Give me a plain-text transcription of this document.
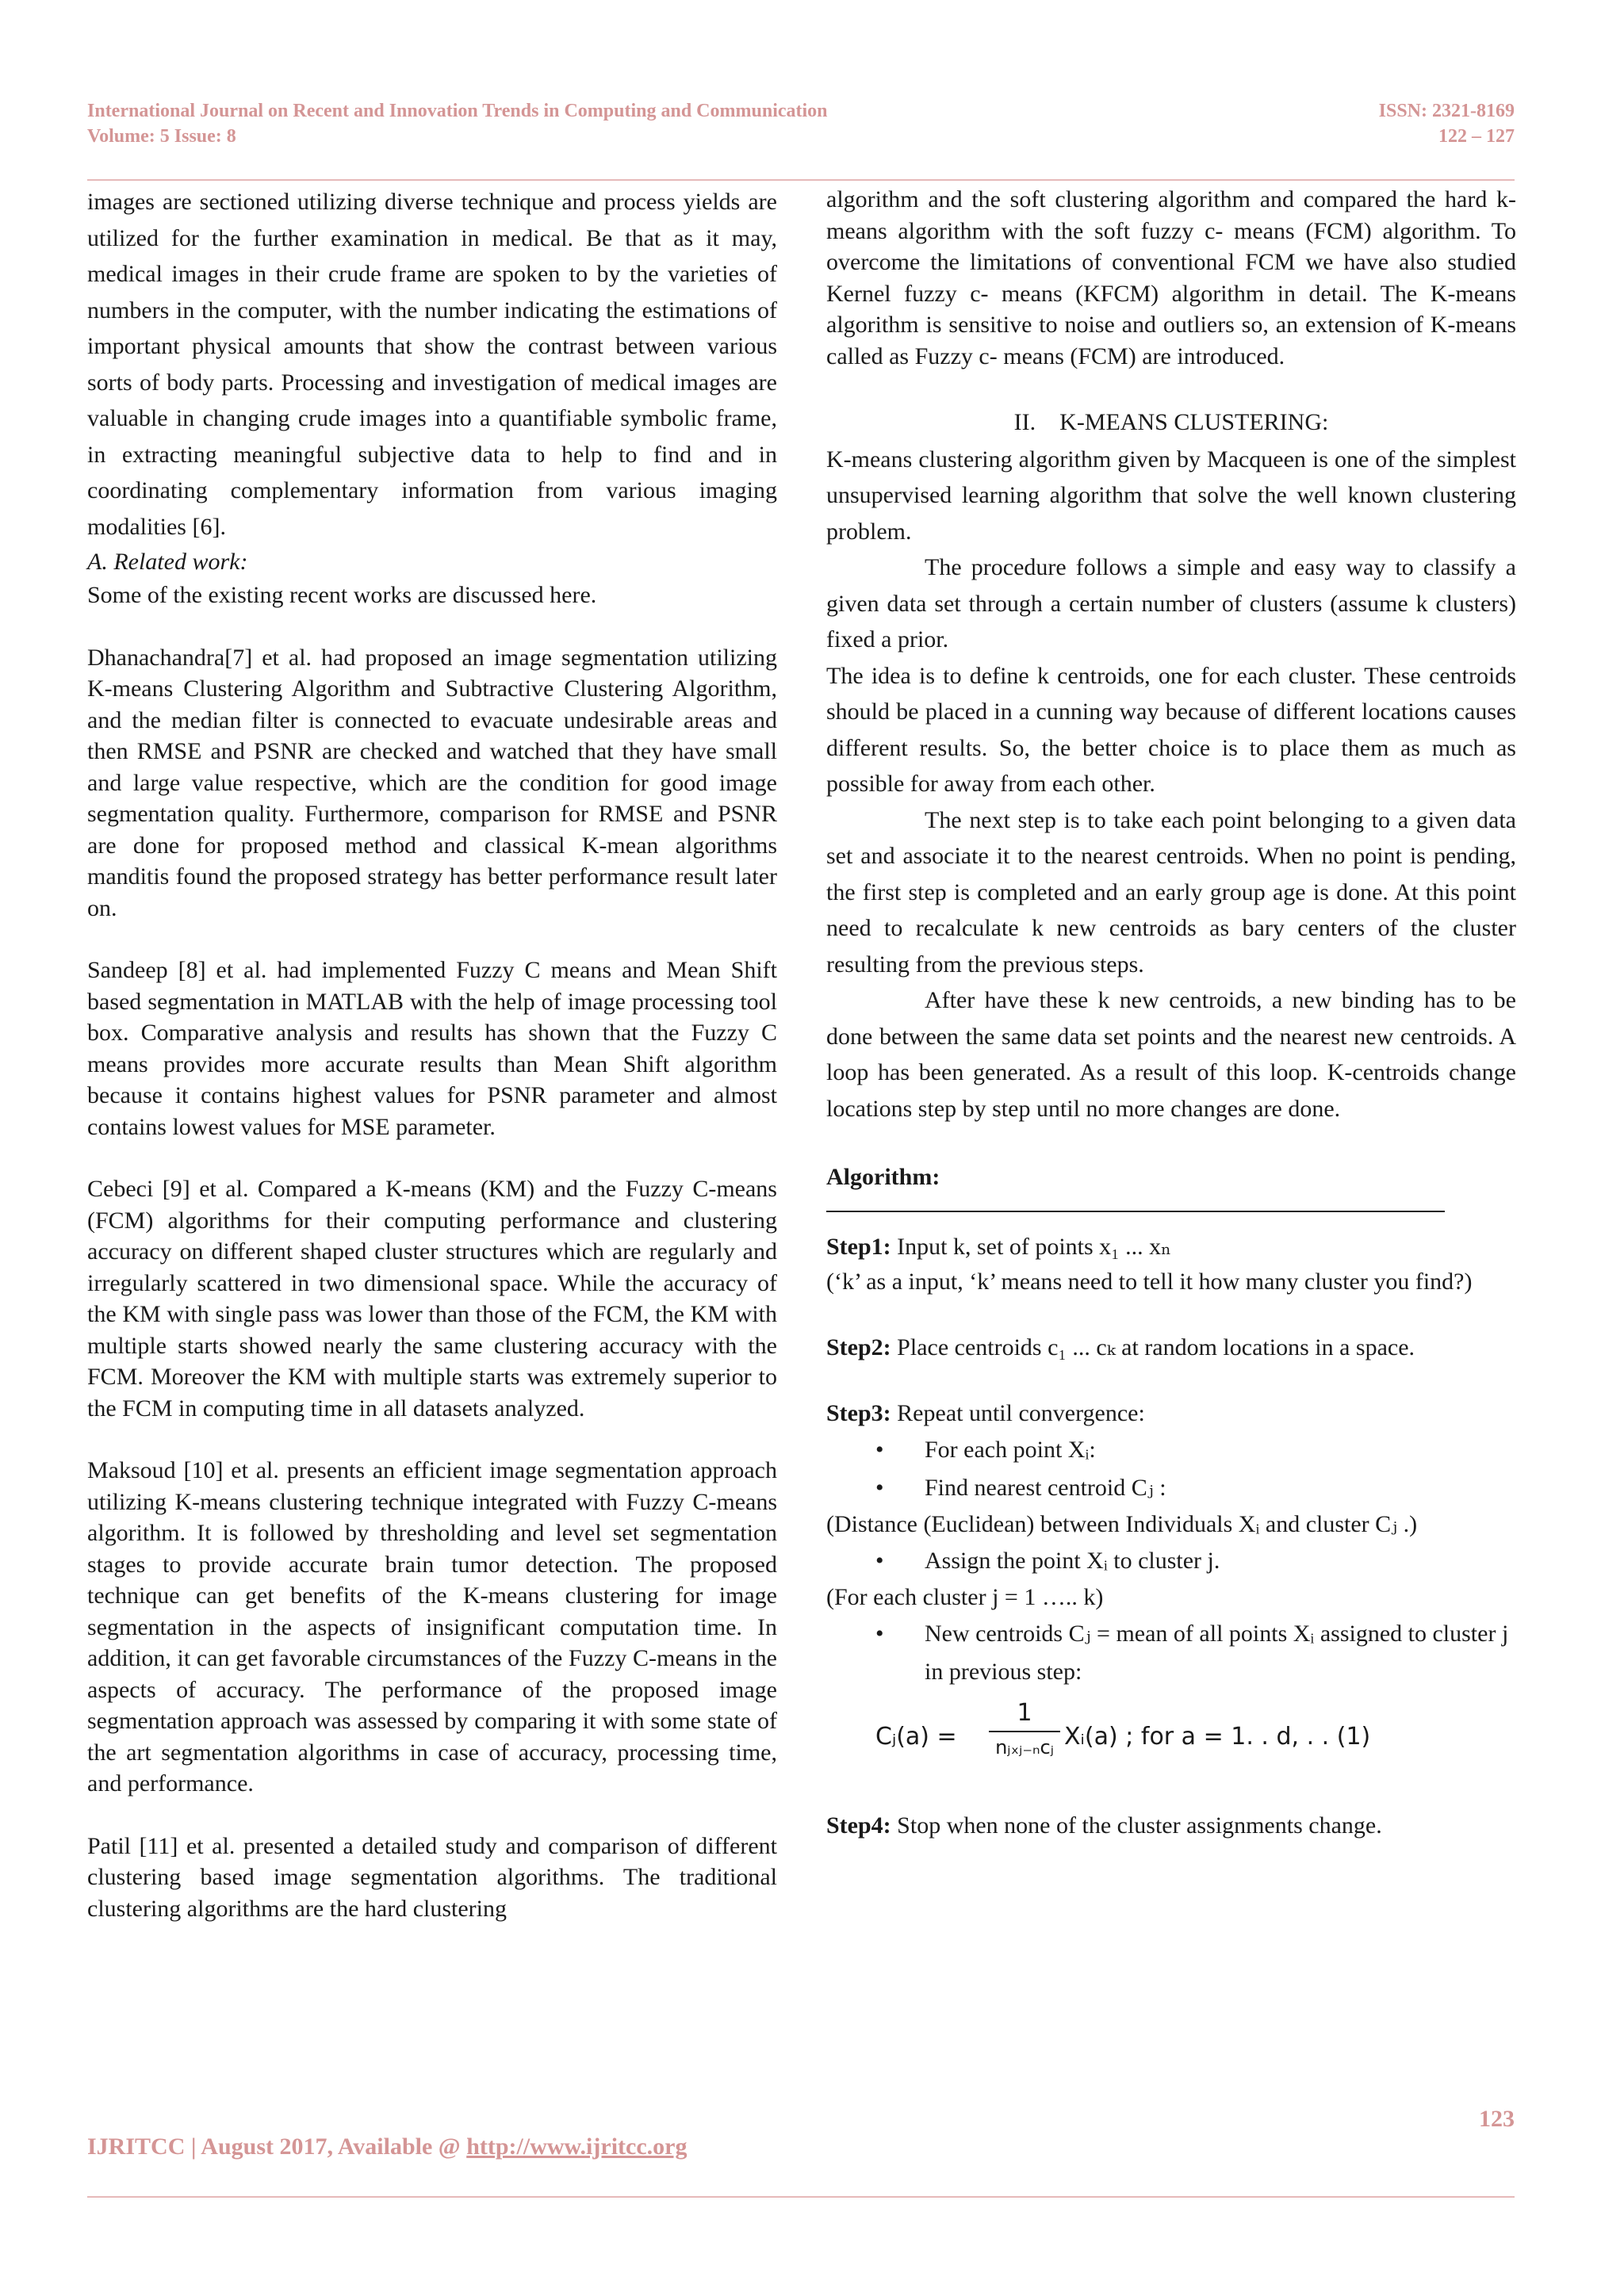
International Journal on Recent and Innovation Trends in Computing and Communication
Volume: 5 Issue: 8
ISSN: 2321-8169
122 – 127

images are sectioned utilizing diverse technique and process yields are utilized for the further examination in medical. Be that as it may, medical images in their crude frame are spoken to by the varieties of numbers in the computer, with the number indicating the estimations of important physical amounts that show the contrast between various sorts of body parts. Processing and investigation of medical images are valuable in changing crude images into a quantifiable symbolic frame, in extracting meaningful subjective data to help to find and in coordinating complementary information from various imaging modalities [6].

A. Related work:

Some of the existing recent works are discussed here.

Dhanachandra[7] et al. had proposed an image segmentation utilizing K-means Clustering Algorithm and Subtractive Clustering Algorithm, and the median filter is connected to evacuate undesirable areas and then RMSE and PSNR are checked and watched that they have small and large value respective, which are the condition for good image segmentation quality. Furthermore, comparison for RMSE and PSNR are done for proposed method and classical K-mean algorithms manditis found the proposed strategy has better performance result later on.

Sandeep [8] et al. had implemented Fuzzy C means and Mean Shift based segmentation in MATLAB with the help of image processing tool box. Comparative analysis and results has shown that the Fuzzy C means provides more accurate results than Mean Shift algorithm because it contains highest values for PSNR parameter and almost contains lowest values for MSE parameter.

Cebeci [9] et al. Compared a K-means (KM) and the Fuzzy C-means (FCM) algorithms for their computing performance and clustering accuracy on different shaped cluster structures which are regularly and irregularly scattered in two dimensional space. While the accuracy of the KM with single pass was lower than those of the FCM, the KM with multiple starts showed nearly the same clustering accuracy with the FCM. Moreover the KM with multiple starts was extremely superior to the FCM in computing time in all datasets analyzed.

Maksoud [10] et al. presents an efficient image segmentation approach utilizing K-means clustering technique integrated with Fuzzy C-means algorithm. It is followed by thresholding and level set segmentation stages to provide accurate brain tumor detection. The proposed technique can get benefits of the K-means clustering for image segmentation in the aspects of insignificant computation time. In addition, it can get favorable circumstances of the Fuzzy C-means in the aspects of accuracy. The performance of the proposed image segmentation approach was assessed by comparing it with some state of the art segmentation algorithms in case of accuracy, processing time, and performance.

Patil [11] et al. presented a detailed study and comparison of different clustering based image segmentation algorithms. The traditional clustering algorithms are the hard clustering

algorithm and the soft clustering algorithm and compared the hard k-means algorithm with the soft fuzzy c- means (FCM) algorithm. To overcome the limitations of conventional FCM we have also studied Kernel fuzzy c- means (KFCM) algorithm in detail. The K-means algorithm is sensitive to noise and outliers so, an extension of K-means called as Fuzzy c- means (FCM) are introduced.

II. K-MEANS CLUSTERING:

K-means clustering algorithm given by Macqueen is one of the simplest unsupervised learning algorithm that solve the well known clustering problem.

The procedure follows a simple and easy way to classify a given data set through a certain number of clusters (assume k clusters) fixed a prior.

The idea is to define k centroids, one for each cluster. These centroids should be placed in a cunning way because of different locations causes different results. So, the better choice is to place them as much as possible for away from each other.

The next step is to take each point belonging to a given data set and associate it to the nearest centroids. When no point is pending, the first step is completed and an early group age is done. At this point need to recalculate k new centroids as bary centers of the cluster resulting from the previous steps.

After have these k new centroids, a new binding has to be done between the same data set points and the nearest new centroids. A loop has been generated. As a result of this loop. K-centroids change locations step by step until no more changes are done.

Algorithm:

Step1: Input k, set of points x₁ ... xₙ

(‘k’ as a input, ‘k’ means need to tell it how many cluster you find?)

Step2: Place centroids c₁ ... cₖ at random locations in a space.

Step3: Repeat until convergence:

• For each point Xᵢ:
• Find nearest centroid Cⱼ :

(Distance (Euclidean) between Individuals Xᵢ and cluster Cⱼ .)

• Assign the point Xᵢ to cluster j.

(For each cluster j = 1 ….. k)

• New centroids Cⱼ = mean of all points Xᵢ assigned to cluster j in previous step:
Cⱼ(a) =
1
nⱼₓⱼ₋ₙcⱼ Xᵢ(a) ; for a = 1. . d, . . (1)

Step4: Stop when none of the cluster assignments change.

123
IJRITCC | August 2017, Available @ http://www.ijritcc.org
